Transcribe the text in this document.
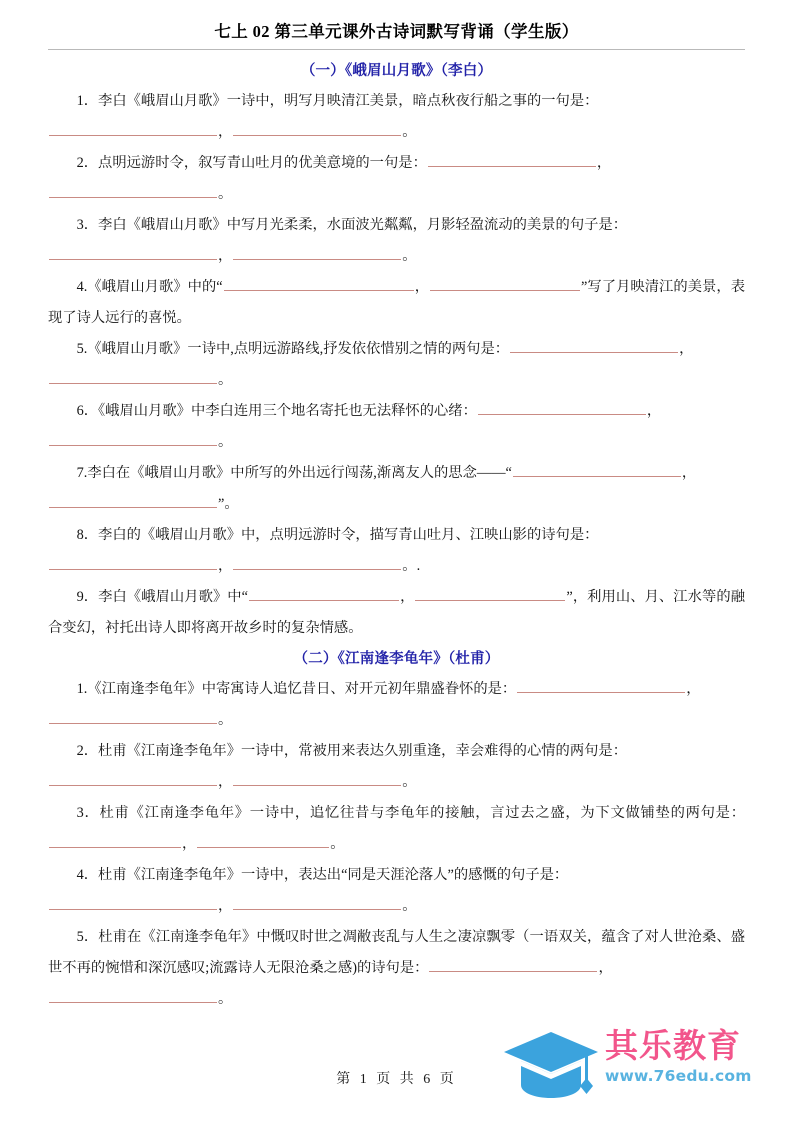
七上 02 第三单元课外古诗词默写背诵（学生版）
（一）《峨眉山月歌》（李白）

1．李白《峨眉山月歌》一诗中，明写月映清江美景，暗点秋夜行船之事的一句是：
，	。

2．点明远游时令，叙写青山吐月的优美意境的一句是：	，
。

3．李白《峨眉山月歌》中写月光柔柔，水面波光粼粼，月影轻盈流动的美景的句子是：
，	。

4.《峨眉山月歌》中的“	，	”写了月映清江的美景，表现了诗人远行的喜悦。

5.《峨眉山月歌》一诗中,点明远游路线,抒发依依惜别之情的两句是：	，
。

6．《峨眉山月歌》中李白连用三个地名寄托也无法释怀的心绪：	，
。

7.李白在《峨眉山月歌》中所写的外出远行闯荡,渐离友人的思念——“	，
”。

8．李白的《峨眉山月歌》中，点明远游时令，描写青山吐月、江映山影的诗句是：
，	。.

9．李白《峨眉山月歌》中“	，	”，利用山、月、江水等的融合变幻，衬托出诗人即将离开故乡时的复杂情感。

（二）《江南逢李龟年》（杜甫）

1.《江南逢李龟年》中寄寓诗人追忆昔日、对开元初年鼎盛眷怀的是：	，
。

2．杜甫《江南逢李龟年》一诗中，常被用来表达久别重逢，幸会难得的心情的两句是：
，	。

3．杜甫《江南逢李龟年》一诗中，追忆往昔与李龟年的接触，言过去之盛，为下文做铺垫的两句是：，	。

4．杜甫《江南逢李龟年》一诗中，表达出“同是天涯沦落人”的感慨的句子是：
，	。

5．杜甫在《江南逢李龟年》中慨叹时世之凋敝丧乱与人生之凄凉飘零（一语双关，蕴含了对人世沧桑、盛世不再的惋惜和深沉感叹;流露诗人无限沧桑之感)的诗句是：	，
。

第 1 页 共 6 页
其乐教育
www.76edu.com
